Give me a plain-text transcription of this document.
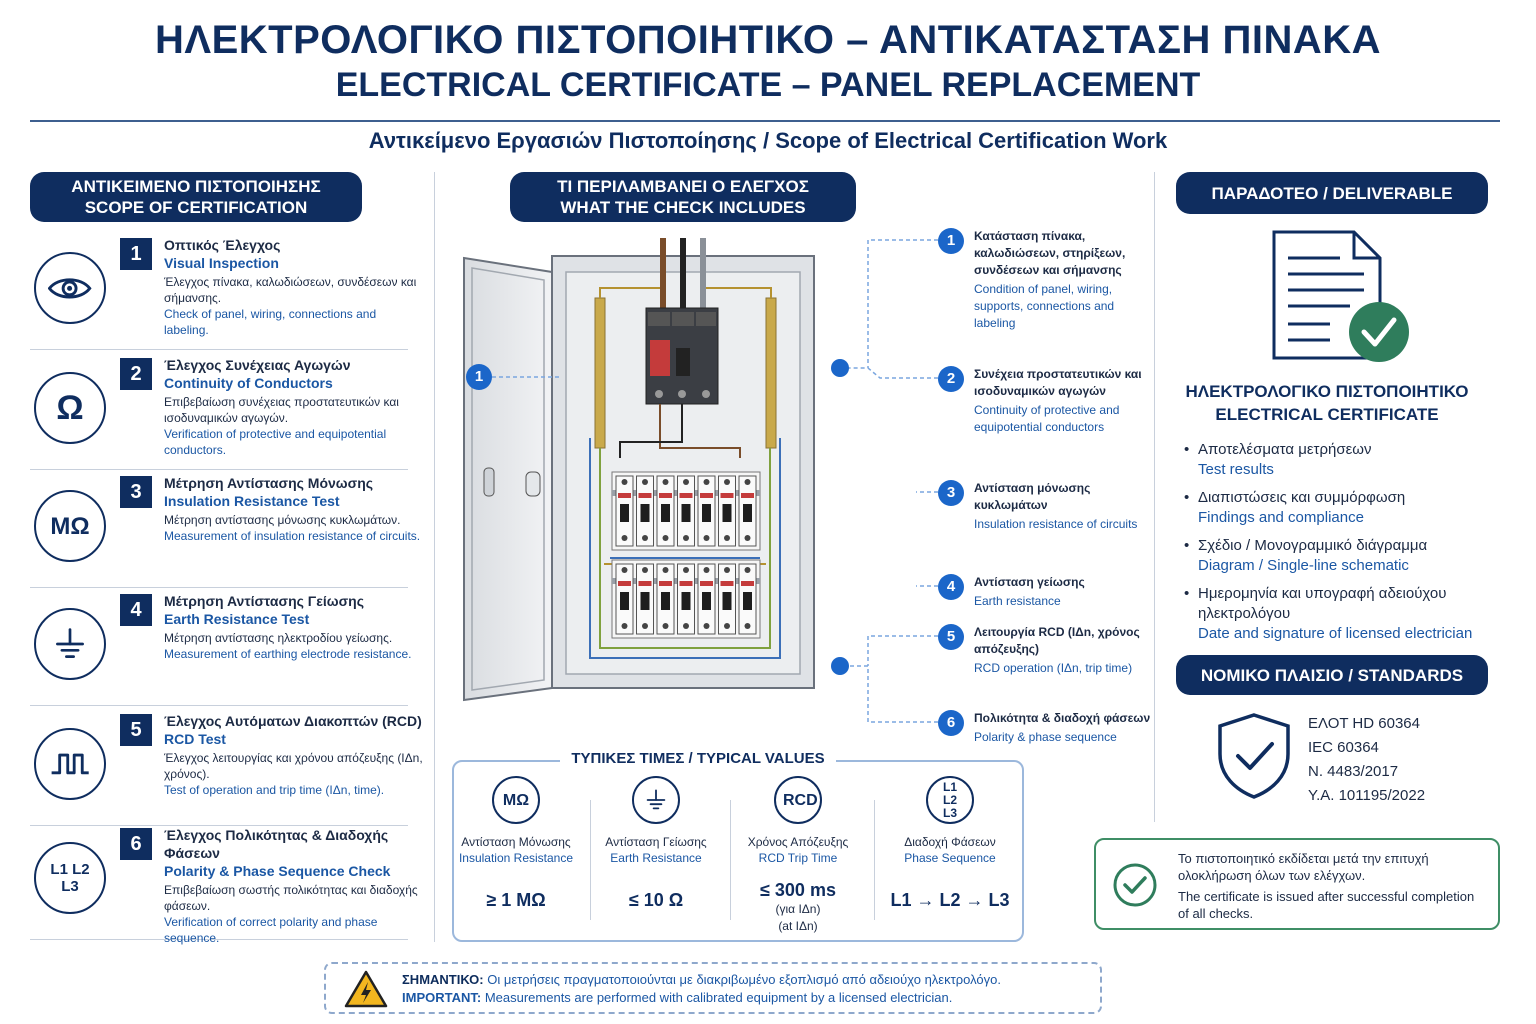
ΗΛΕΚΤΡΟΛΟΓΙΚΟ ΠΙΣΤΟΠΟΙΗΤΙΚΟ – ΑΝΤΙΚΑΤΑΣΤΑΣΗ ΠΙΝΑΚΑ
ELECTRICAL CERTIFICATE – PANEL REPLACEMENT
Αντικείμενο Εργασιών Πιστοποίησης / Scope of Electrical Certification Work
ΑΝΤΙΚΕΙΜΕΝΟ ΠΙΣΤΟΠΟΙΗΣΗΣ
SCOPE OF CERTIFICATION
1	Οπτικός Έλεγχος
Visual Inspection
Έλεγχος πίνακα, καλωδιώσεων, συνδέσεων και σήμανσης.
Check of panel, wiring, connections and labeling.
Ω
2	Έλεγχος Συνέχειας Αγωγών
Continuity of Conductors
Επιβεβαίωση συνέχειας προστατευτικών και ισοδυναμικών αγωγών.
Verification of protective and equipotential conductors.
MΩ
3	Μέτρηση Αντίστασης Μόνωσης
Insulation Resistance Test
Μέτρηση αντίστασης μόνωσης κυκλωμάτων.
Measurement of insulation resistance of circuits.
4	Μέτρηση Αντίστασης Γείωσης
Earth Resistance Test
Μέτρηση αντίστασης ηλεκτροδίου γείωσης.
Measurement of earthing electrode resistance.
5	Έλεγχος Αυτόματων Διακοπτών (RCD)
RCD Test
Έλεγχος λειτουργίας και χρόνου απόζευξης (IΔn, χρόνος).
Test of operation and trip time (IΔn, time).
L1 L2 L3
6	Έλεγχος Πολικότητας & Διαδοχής Φάσεων
Polarity & Phase Sequence Check
Επιβεβαίωση σωστής πολικότητας και διαδοχής φάσεων.
Verification of correct polarity and phase sequence.
ΤΙ ΠΕΡΙΛΑΜΒΑΝΕΙ Ο ΕΛΕΓΧΟΣ
WHAT THE CHECK INCLUDES
1
1	Κατάσταση πίνακα, καλωδιώσεων, στηρίξεων, συνδέσεων και σήμανσης
Condition of panel, wiring, supports, connections and labeling
2	Συνέχεια προστατευτικών και ισοδυναμικών αγωγών
Continuity of protective and equipotential conductors
3	Αντίσταση μόνωσης κυκλωμάτων
Insulation resistance of circuits
4	Αντίσταση γείωσης
Earth resistance
5	Λειτουργία RCD (IΔn, χρόνος απόζευξης)
RCD operation (IΔn, trip time)
6	Πολικότητα & διαδοχή φάσεων
Polarity & phase sequence
ΤΥΠΙΚΕΣ ΤΙΜΕΣ / TYPICAL VALUES
MΩ
Αντίσταση Μόνωσης
Insulation Resistance
≥ 1 MΩ
Αντίσταση Γείωσης
Earth Resistance
≤ 10 Ω
RCD
Χρόνος Απόζευξης
RCD Trip Time
≤ 300 ms
(για IΔn)
(at IΔn)
L1 L2 L3
Διαδοχή Φάσεων
Phase Sequence
L1 → L2 → L3
ΠΑΡΑΔΟΤΕΟ / DELIVERABLE
ΗΛΕΚΤΡΟΛΟΓΙΚΟ ΠΙΣΤΟΠΟΙΗΤΙΚΟ
ELECTRICAL CERTIFICATE
• Αποτελέσματα μετρήσεων
Test results
• Διαπιστώσεις και συμμόρφωση
Findings and compliance
• Σχέδιο / Μονογραμμικό διάγραμμα
Diagram / Single-line schematic
• Ημερομηνία και υπογραφή αδειούχου ηλεκτρολόγου
Date and signature of licensed electrician
ΝΟΜΙΚΟ ΠΛΑΙΣΙΟ / STANDARDS
ΕΛΟΤ HD 60364
IEC 60364
N. 4483/2017
Y.A. 101195/2022
Το πιστοποιητικό εκδίδεται μετά την επιτυχή ολοκλήρωση όλων των ελέγχων.
The certificate is issued after successful completion of all checks.
ΣΗΜΑΝΤΙΚΟ: Οι μετρήσεις πραγματοποιούνται με διακριβωμένο εξοπλισμό από αδειούχο ηλεκτρολόγο.
IMPORTANT: Measurements are performed with calibrated equipment by a licensed electrician.
